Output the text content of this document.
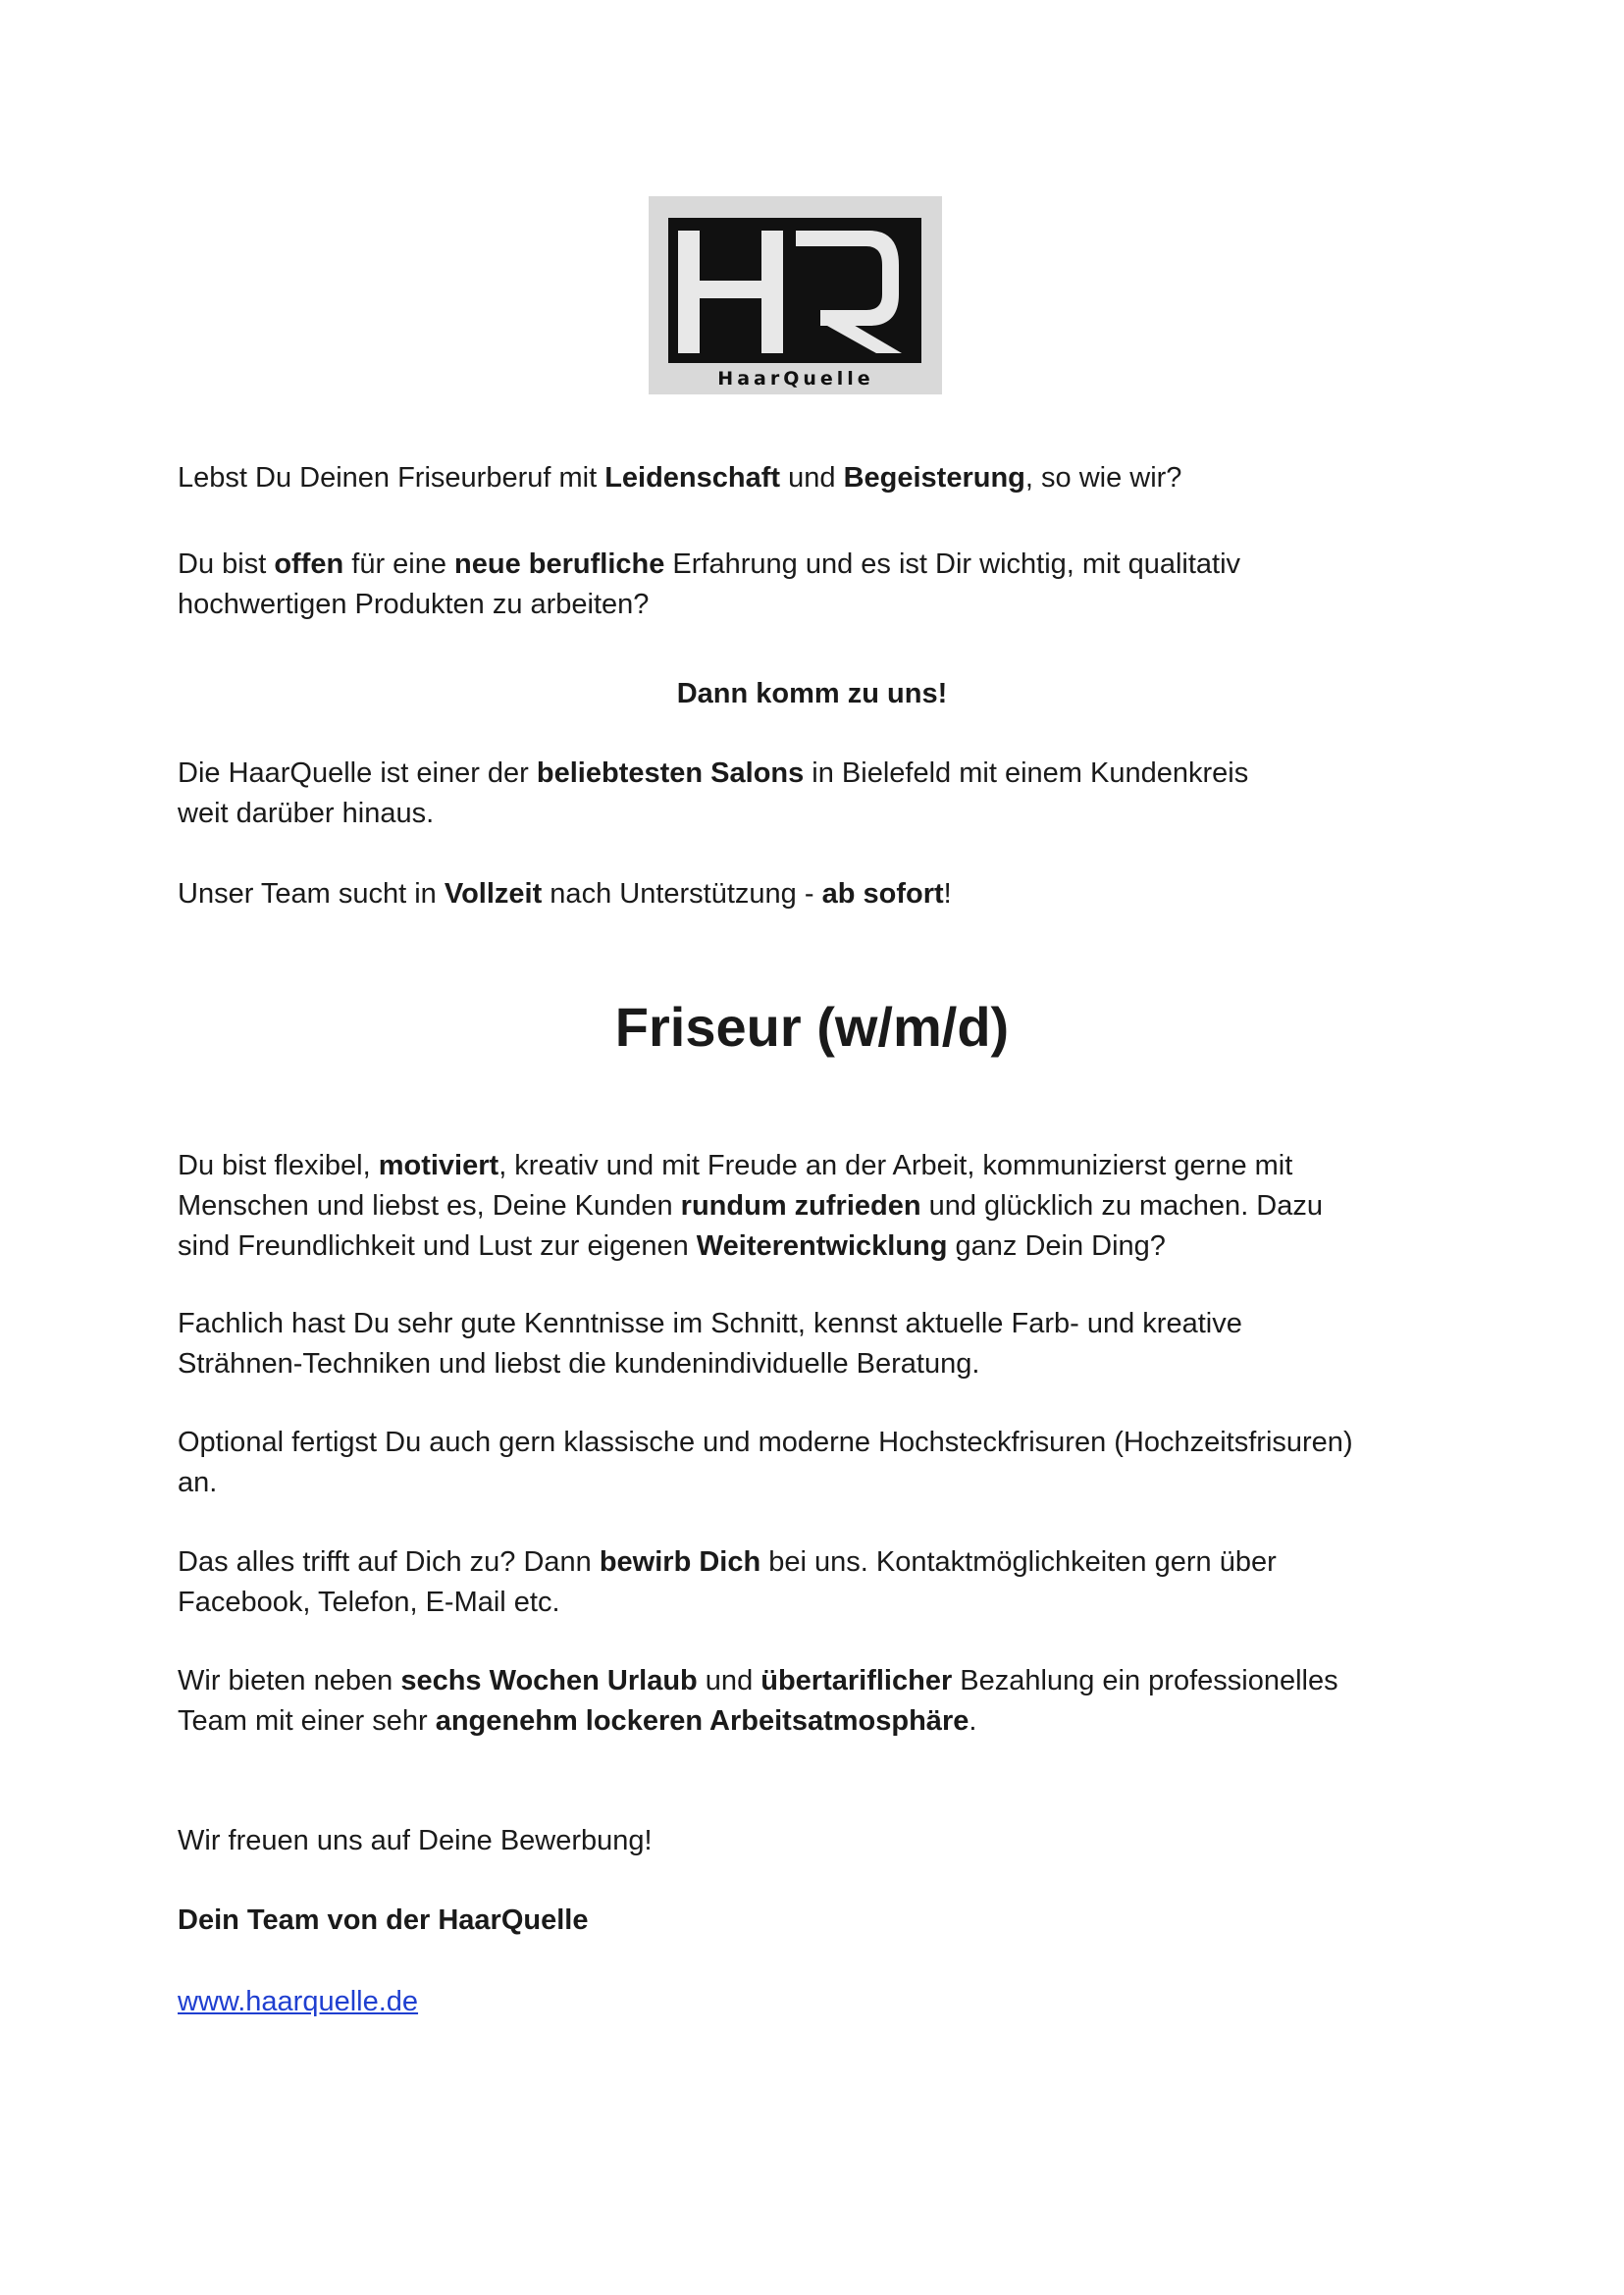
HaarQuelle

Lebst Du Deinen Friseurberuf mit Leidenschaft und Begeisterung, so wie wir?

Du bist offen für eine neue berufliche Erfahrung und es ist Dir wichtig, mit qualitativ
hochwertigen Produkten zu arbeiten?

Dann komm zu uns!

Die HaarQuelle ist einer der beliebtesten Salons in Bielefeld mit einem Kundenkreis
weit darüber hinaus.

Unser Team sucht in Vollzeit nach Unterstützung - ab sofort!

Friseur (w/m/d)

Du bist flexibel, motiviert, kreativ und mit Freude an der Arbeit, kommunizierst gerne mit
Menschen und liebst es, Deine Kunden rundum zufrieden und glücklich zu machen. Dazu
sind Freundlichkeit und Lust zur eigenen Weiterentwicklung ganz Dein Ding?

Fachlich hast Du sehr gute Kenntnisse im Schnitt, kennst aktuelle Farb- und kreative
Strähnen-Techniken und liebst die kundenindividuelle Beratung.

Optional fertigst Du auch gern klassische und moderne Hochsteckfrisuren (Hochzeitsfrisuren)
an.

Das alles trifft auf Dich zu? Dann bewirb Dich bei uns. Kontaktmöglichkeiten gern über
Facebook, Telefon, E-Mail etc.

Wir bieten neben sechs Wochen Urlaub und übertariflicher Bezahlung ein professionelles
Team mit einer sehr angenehm lockeren Arbeitsatmosphäre.

Wir freuen uns auf Deine Bewerbung!

Dein Team von der HaarQuelle

www.haarquelle.de
